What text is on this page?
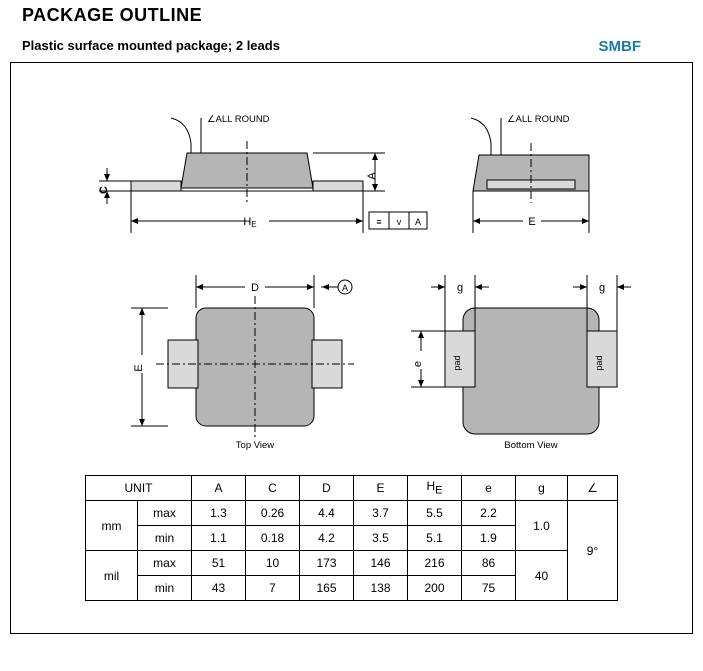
PACKAGE OUTLINE
Plastic surface mounted package; 2 leads	SMBF
∠ALL ROUND	∠ALL ROUND
A
C
HE	≡ v A	E
D	A
E
e
g	g
pad	pad
Top View	Bottom View
UNIT		A	C	D	E	$H_E$	e	g	∠
mm	max	1.3	0.26	4.4	3.7	5.5	2.2	1.0	9°
	min	1.1	0.18	4.2	3.5	5.1	1.9		
mil	max	51	10	173	146	216	86	40	
	min	43	7	165	138	200	75		
